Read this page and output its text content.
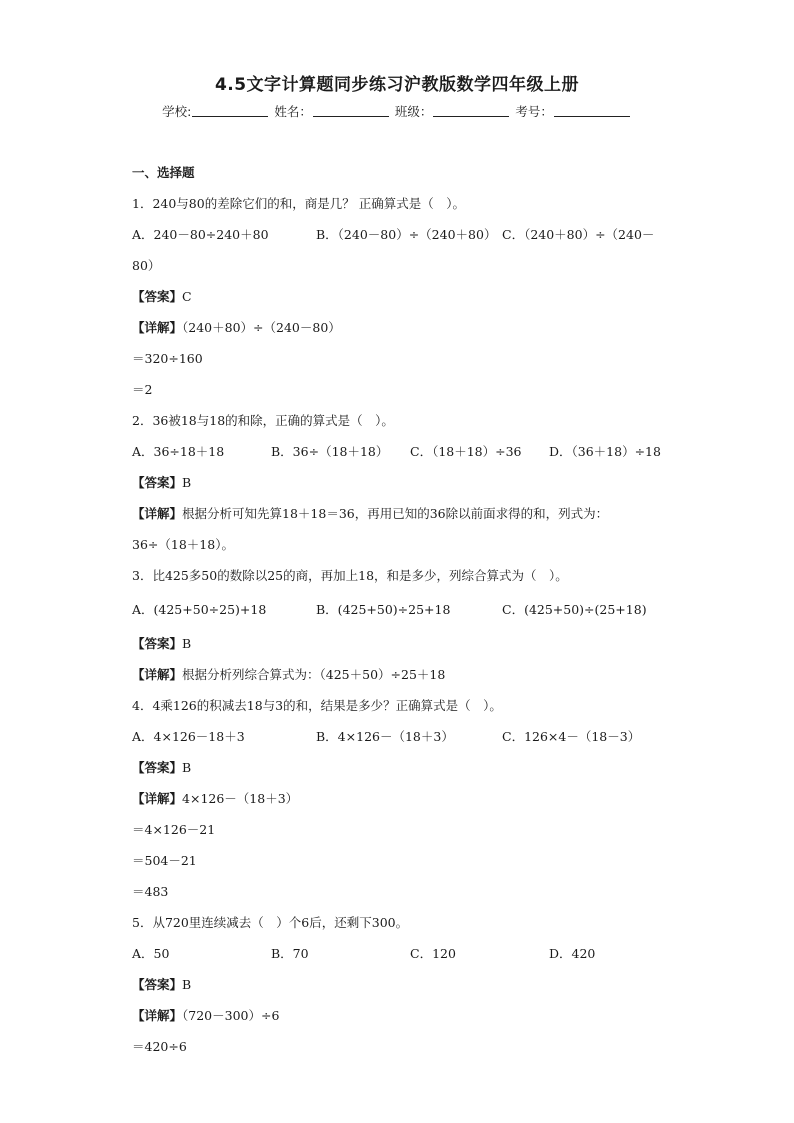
4.5文字计算题同步练习沪教版数学四年级上册
学校:	姓名：	班级：	考号：
一、选择题
1．240与80的差除它们的和，商是几？ 正确算式是（　）。
A．240－80÷240＋80	B．（240－80）÷（240＋80） C．（240＋80）÷（240－
80）
【答案】C
【详解】（240＋80）÷（240－80）
＝320÷160
＝2
2．36被18与18的和除，正确的算式是（　）。
A．36÷18＋18	B．36÷（18＋18）	C．（18＋18）÷36	D．（36＋18）÷18
【答案】B
【详解】根据分析可知先算18＋18＝36，再用已知的36除以前面求得的和，列式为：
36÷（18＋18）。
3．比425多50的数除以25的商，再加上18，和是多少，列综合算式为（　）。
A．(425+50÷25)+18	B．(425+50)÷25+18	C．(425+50)÷(25+18)
【答案】B
【详解】根据分析列综合算式为：（425＋50）÷25＋18
4．4乘126的积减去18与3的和，结果是多少？正确算式是（　）。
A．4×126－18＋3	B．4×126－（18＋3）	C．126×4－（18－3）
【答案】B
【详解】4×126－（18＋3）
＝4×126－21
＝504－21
＝483
5．从720里连续减去（　）个6后，还剩下300。
A．50	B．70	C．120	D．420
【答案】B
【详解】（720－300）÷6
＝420÷6
